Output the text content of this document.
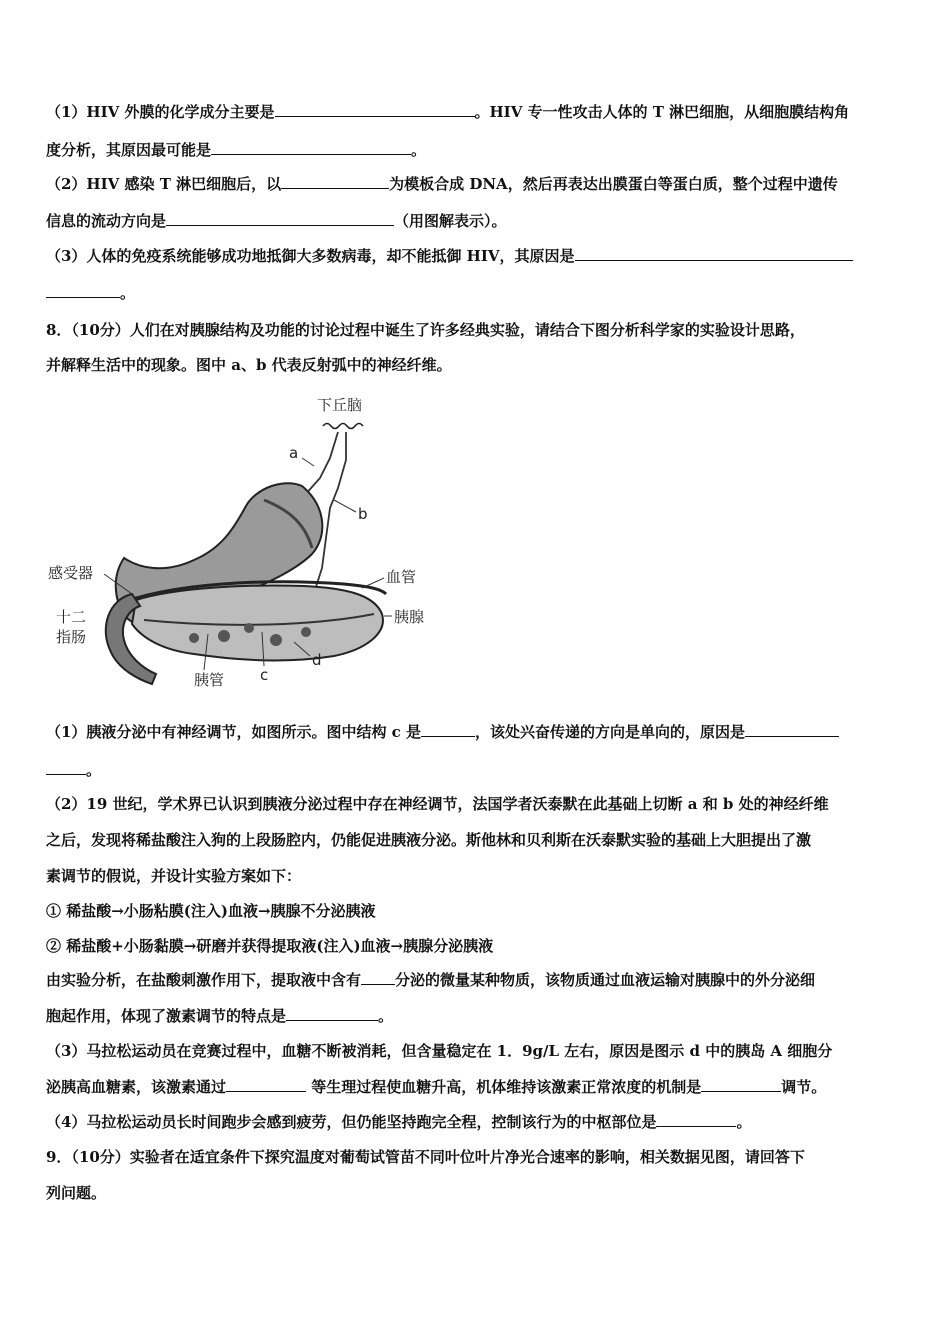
（1）HIV 外膜的化学成分主要是	。HIV 专一性攻击人体的 T 淋巴细胞，从细胞膜结构角
度分析，其原因最可能是	。
（2）HIV 感染 T 淋巴细胞后，以	为模板合成 DNA，然后再表达出膜蛋白等蛋白质，整个过程中遗传
信息的流动方向是	（用图解表示）。
（3）人体的免疫系统能够成功地抵御大多数病毒，却不能抵御 HIV，其原因是
。
8．（10分）人们在对胰腺结构及功能的讨论过程中诞生了许多经典实验，请结合下图分析科学家的实验设计思路，
并解释生活中的现象。图中 a、b 代表反射弧中的神经纤维。
下丘脑
a
b
感受器	血管
十二
指肠
胰腺
胰管 c
d
（1）胰液分泌中有神经调节，如图所示。图中结构 c 是	，该处兴奋传递的方向是单向的，原因是
。
（2）19 世纪，学术界已认识到胰液分泌过程中存在神经调节，法国学者沃泰默在此基础上切断 a 和 b 处的神经纤维
之后，发现将稀盐酸注入狗的上段肠腔内，仍能促进胰液分泌。斯他林和贝利斯在沃泰默实验的基础上大胆提出了激
素调节的假说，并设计实验方案如下：
① 稀盐酸→小肠粘膜(注入)血液→胰腺不分泌胰液
② 稀盐酸+小肠黏膜→研磨并获得提取液(注入)血液→胰腺分泌胰液
由实验分析，在盐酸刺激作用下，提取液中含有 分泌的微量某种物质，该物质通过血液运输对胰腺中的外分泌细
胞起作用，体现了激素调节的特点是	。
（3）马拉松运动员在竞赛过程中，血糖不断被消耗，但含量稳定在 1．9g/L 左右，原因是图示 d 中的胰岛 A 细胞分
泌胰高血糖素，该激素通过	等生理过程使血糖升高，机体维持该激素正常浓度的机制是	调节。
（4）马拉松运动员长时间跑步会感到疲劳，但仍能坚持跑完全程，控制该行为的中枢部位是	。
9．（10分）实验者在适宜条件下探究温度对葡萄试管苗不同叶位叶片净光合速率的影响，相关数据见图，请回答下
列问题。
